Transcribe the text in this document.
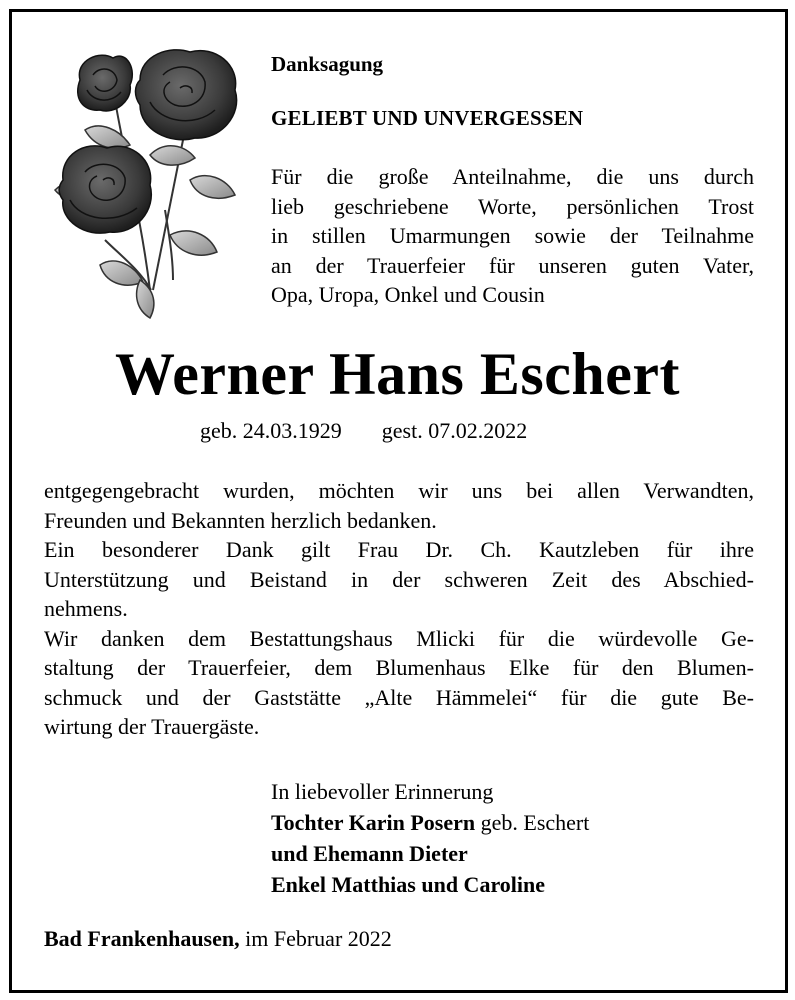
Danksagung
GELIEBT UND UNVERGESSEN
Für die große Anteilnahme, die uns durch
lieb geschriebene Worte, persönlichen Trost
in stillen Umarmungen sowie der Teilnahme
an der Trauerfeier für unseren guten Vater,
Opa, Uropa, Onkel und Cousin
Werner Hans Eschert
geb. 24.03.1929 gest. 07.02.2022
entgegengebracht wurden, möchten wir uns bei allen Verwandten,
Freunden und Bekannten herzlich bedanken.
Ein besonderer Dank gilt Frau Dr. Ch. Kautzleben für ihre
Unterstützung und Beistand in der schweren Zeit des Abschied-
nehmens.
Wir danken dem Bestattungshaus Mlicki für die würdevolle Ge-
staltung der Trauerfeier, dem Blumenhaus Elke für den Blumen-
schmuck und der Gaststätte „Alte Hämmelei“ für die gute Be-
wirtung der Trauergäste.
In liebevoller Erinnerung
Tochter Karin Posern geb. Eschert
und Ehemann Dieter
Enkel Matthias und Caroline
Bad Frankenhausen, im Februar 2022
